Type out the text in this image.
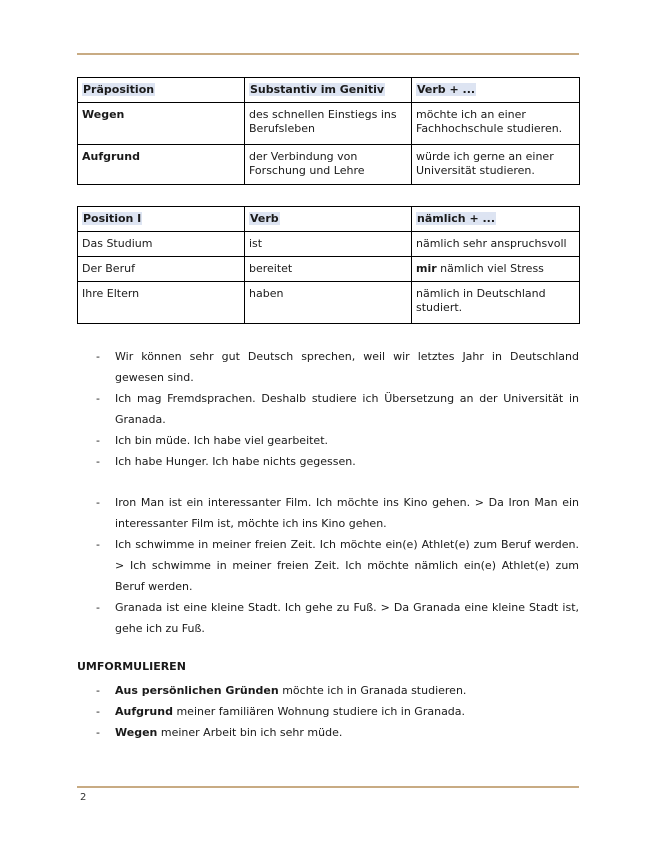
Präposition	Substantiv im Genitiv	Verb + ...
Wegen	des schnellen Einstiegs ins Berufsleben	möchte ich an einer Fachhochschule studieren.
Aufgrund	der Verbindung von Forschung und Lehre	würde ich gerne an einer Universität studieren.
Position I	Verb	nämlich + ...
Das Studium	ist	nämlich sehr anspruchsvoll
Der Beruf	bereitet	mir nämlich viel Stress
Ihre Eltern	haben	nämlich in Deutschland studiert.
- Wir können sehr gut Deutsch sprechen, weil wir letztes Jahr in Deutschland gewesen sind.
- Ich mag Fremdsprachen. Deshalb studiere ich Übersetzung an der Universität in Granada.
- Ich bin müde. Ich habe viel gearbeitet.
- Ich habe Hunger. Ich habe nichts gegessen.
- Iron Man ist ein interessanter Film. Ich möchte ins Kino gehen. > Da Iron Man ein interessanter Film ist, möchte ich ins Kino gehen.
- Ich schwimme in meiner freien Zeit. Ich möchte ein(e) Athlet(e) zum Beruf werden. > Ich schwimme in meiner freien Zeit. Ich möchte nämlich ein(e) Athlet(e) zum Beruf werden.
- Granada ist eine kleine Stadt. Ich gehe zu Fuß. > Da Granada eine kleine Stadt ist, gehe ich zu Fuß.
UMFORMULIEREN
- Aus persönlichen Gründen möchte ich in Granada studieren.
- Aufgrund meiner familiären Wohnung studiere ich in Granada.
- Wegen meiner Arbeit bin ich sehr müde.
2
